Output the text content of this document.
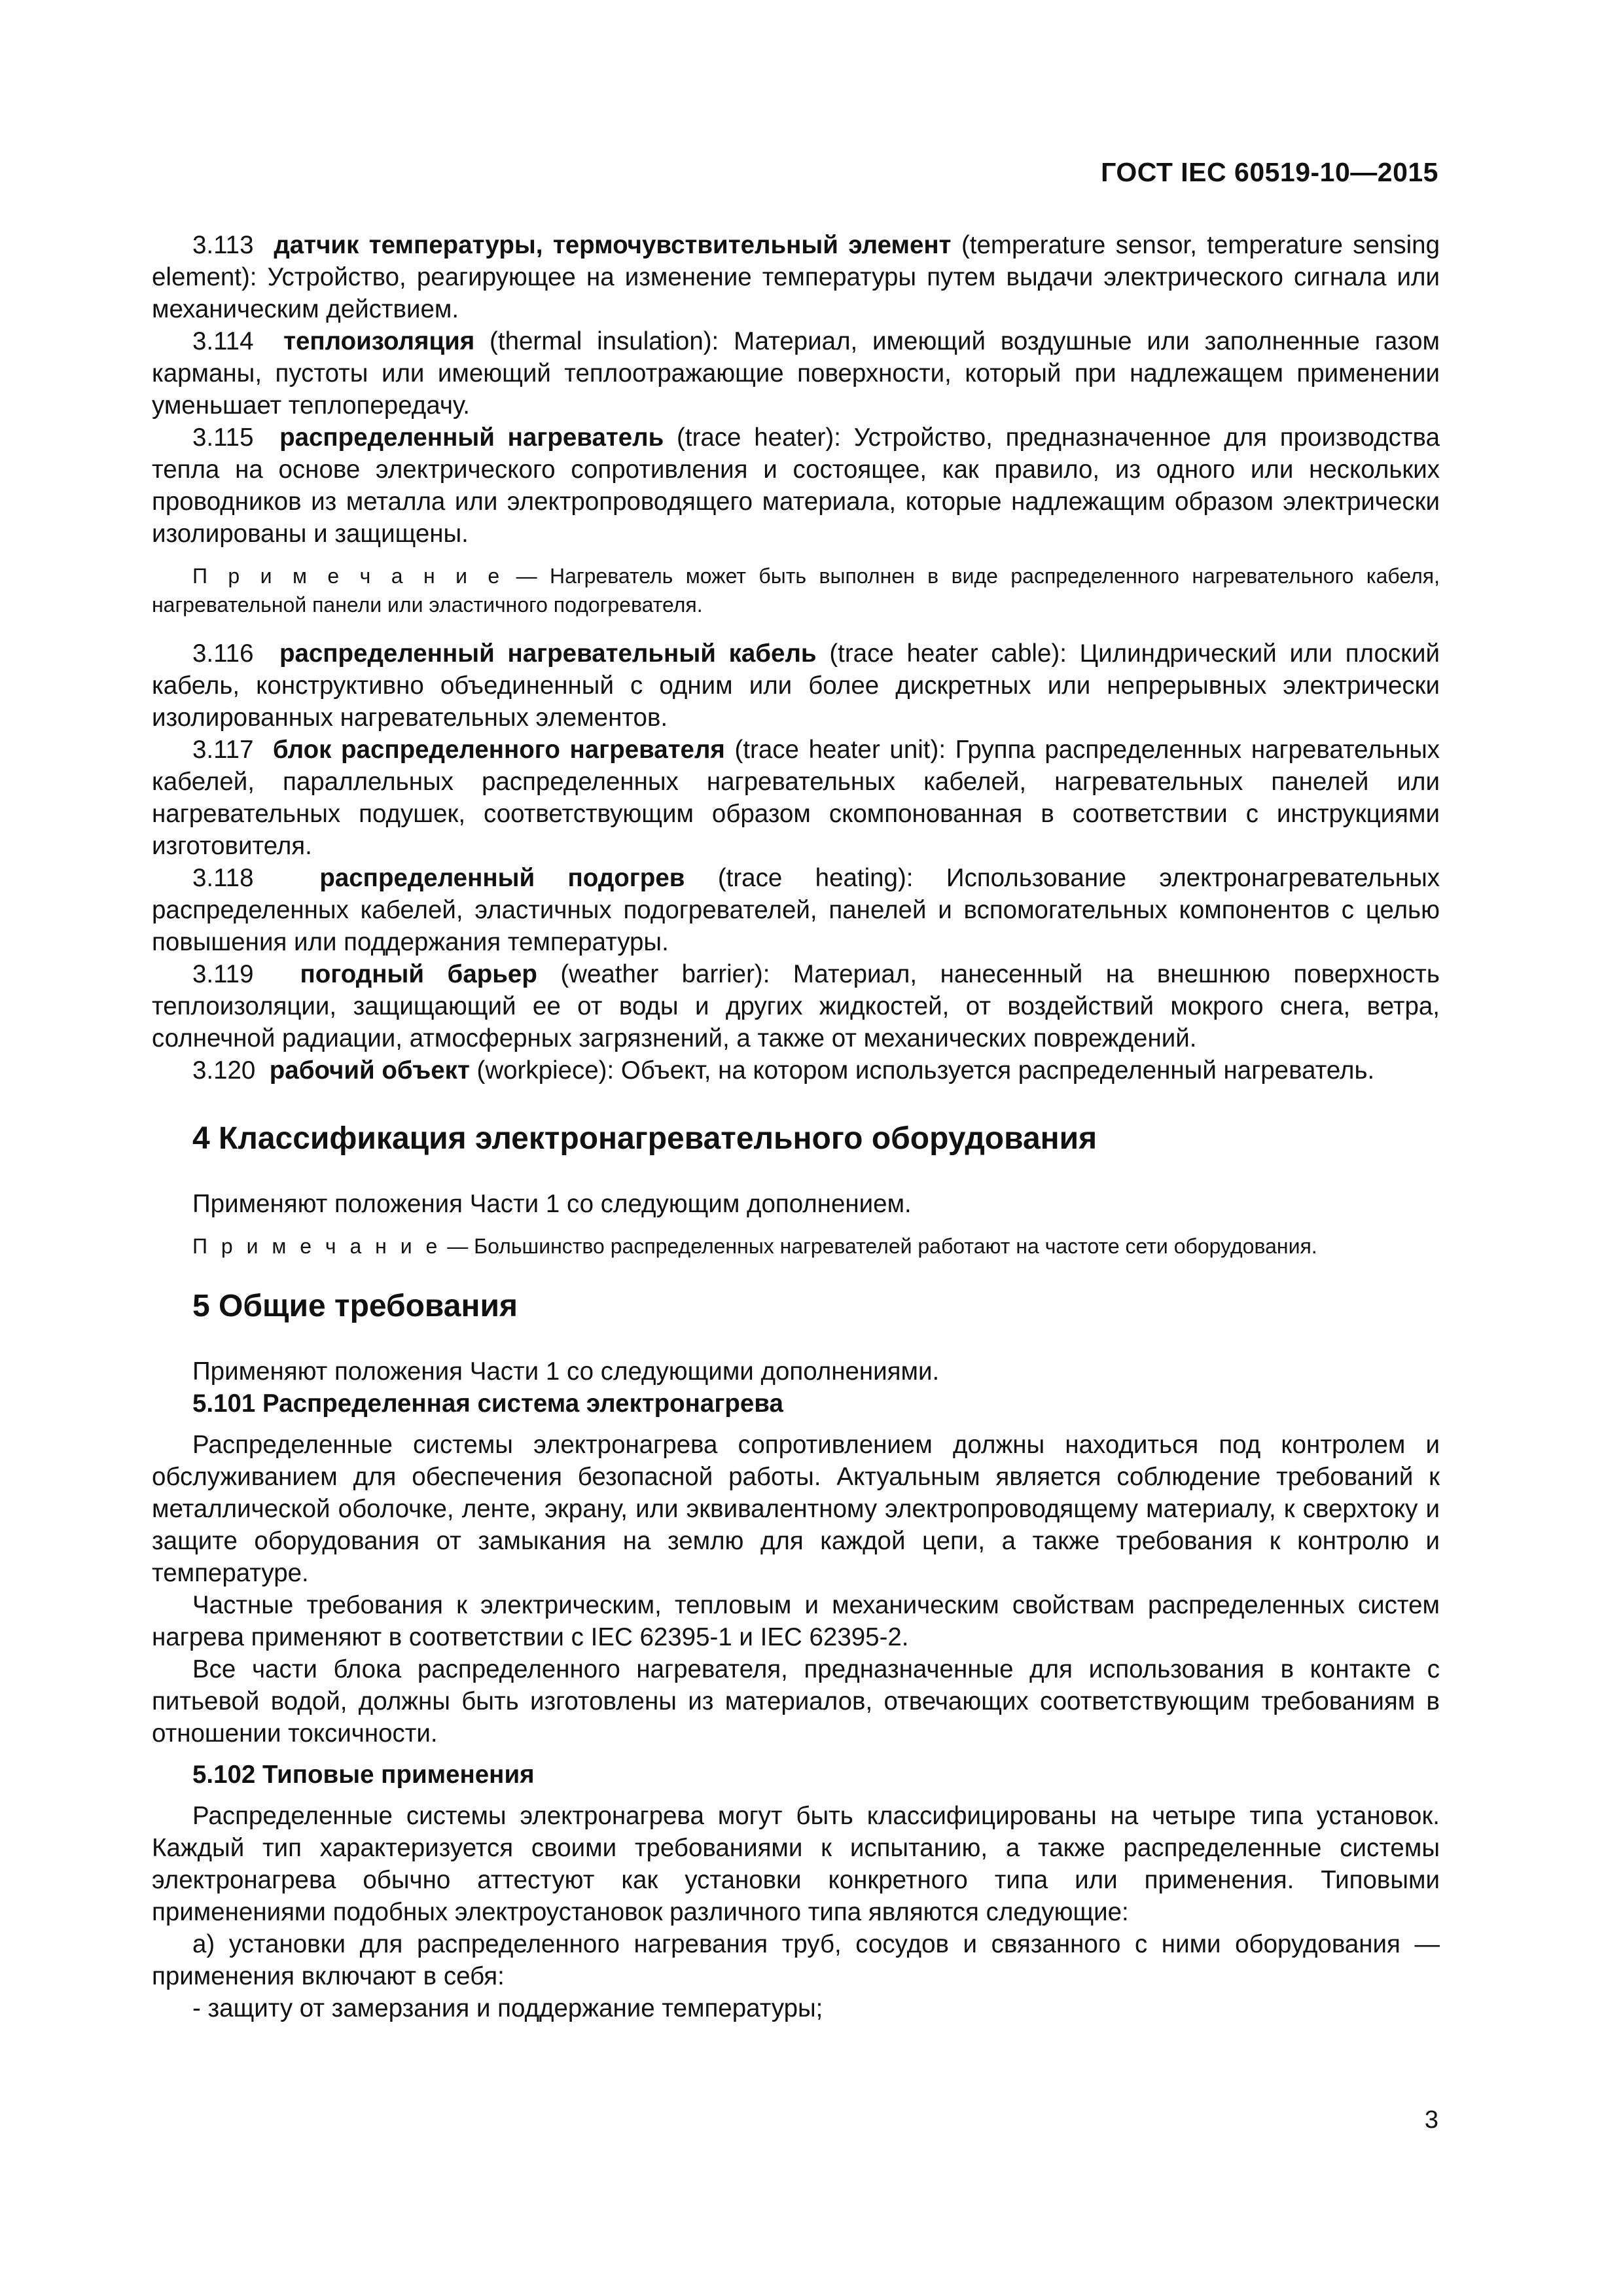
ГОСТ IEC 60519-10—2015

3.113 датчик температуры, термочувствительный элемент (temperature sensor, temperature sensing element): Устройство, реагирующее на изменение температуры путем выдачи электрического сигнала или механическим действием.

3.114 теплоизоляция (thermal insulation): Материал, имеющий воздушные или заполненные газом карманы, пустоты или имеющий теплоотражающие поверхности, который при надлежащем применении уменьшает теплопередачу.

3.115 распределенный нагреватель (trace heater): Устройство, предназначенное для производства тепла на основе электрического сопротивления и состоящее, как правило, из одного или нескольких проводников из металла или электропроводящего материала, которые надлежащим образом электрически изолированы и защищены.

П р и м е ч а н и е — Нагреватель может быть выполнен в виде распределенного нагревательного кабеля, нагревательной панели или эластичного подогревателя.

3.116 распределенный нагревательный кабель (trace heater cable): Цилиндрический или плоский кабель, конструктивно объединенный с одним или более дискретных или непрерывных электрически изолированных нагревательных элементов.

3.117 блок распределенного нагревателя (trace heater unit): Группа распределенных нагревательных кабелей, параллельных распределенных нагревательных кабелей, нагревательных панелей или нагревательных подушек, соответствующим образом скомпонованная в соответствии с инструкциями изготовителя.

3.118	распределенный подогрев (trace heating): Использование электронагревательных распределенных кабелей, эластичных подогревателей, панелей и вспомогательных компонентов с целью повышения или поддержания температуры.

3.119 погодный барьер (weather barrier): Материал, нанесенный на внешнюю поверхность теплоизоляции, защищающий ее от воды и других жидкостей, от воздействий мокрого снега, ветра, солнечной радиации, атмосферных загрязнений, а также от механических повреждений.

3.120 рабочий объект (workpiece): Объект, на котором используется распределенный нагреватель.

4 Классификация электронагревательного оборудования

Применяют положения Части 1 со следующим дополнением.

П р и м е ч а н и е — Большинство распределенных нагревателей работают на частоте сети оборудования.

5 Общие требования

Применяют положения Части 1 со следующими дополнениями.

5.101 Распределенная система электронагрева

Распределенные системы электронагрева сопротивлением должны находиться под контролем и обслуживанием для обеспечения безопасной работы. Актуальным является соблюдение требований к металлической оболочке, ленте, экрану, или эквивалентному электропроводящему материалу, к сверхтоку и защите оборудования от замыкания на землю для каждой цепи, а также требования к контролю и температуре.

Частные требования к электрическим, тепловым и механическим свойствам распределенных систем нагрева применяют в соответствии с IEC 62395-1 и IEC 62395-2.

Все части блока распределенного нагревателя, предназначенные для использования в контакте с питьевой водой, должны быть изготовлены из материалов, отвечающих соответствующим требованиям в отношении токсичности.

5.102 Типовые применения

Распределенные системы электронагрева могут быть классифицированы на четыре типа установок. Каждый тип характеризуется своими требованиями к испытанию, а также распределенные системы электронагрева обычно аттестуют как установки конкретного типа или применения. Типовыми применениями подобных электроустановок различного типа являются следующие:

а) установки для распределенного нагревания труб, сосудов и связанного с ними оборудования — применения включают в себя:

- защиту от замерзания и поддержание температуры;

3
